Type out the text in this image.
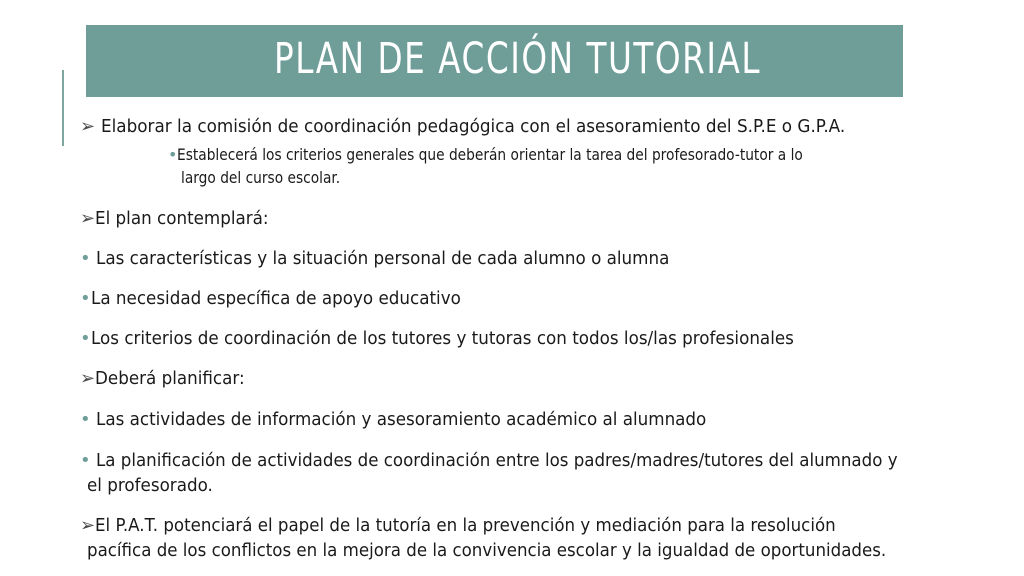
PLAN DE ACCIÓN TUTORIAL
➢ Elaborar la comisión de coordinación pedagógica con el asesoramiento del S.P.E o G.P.A.
•Establecerá los criterios generales que deberán orientar la tarea del profesorado-tutor a lo
largo del curso escolar.
➢El plan contemplará:
• Las características y la situación personal de cada alumno o alumna
•La necesidad específica de apoyo educativo
•Los criterios de coordinación de los tutores y tutoras con todos los/las profesionales
➢Deberá planificar:
• Las actividades de información y asesoramiento académico al alumnado
• La planificación de actividades de coordinación entre los padres/madres/tutores del alumnado y
el profesorado.
➢El P.A.T. potenciará el papel de la tutoría en la prevención y mediación para la resolución
pacífica de los conflictos en la mejora de la convivencia escolar y la igualdad de oportunidades.
